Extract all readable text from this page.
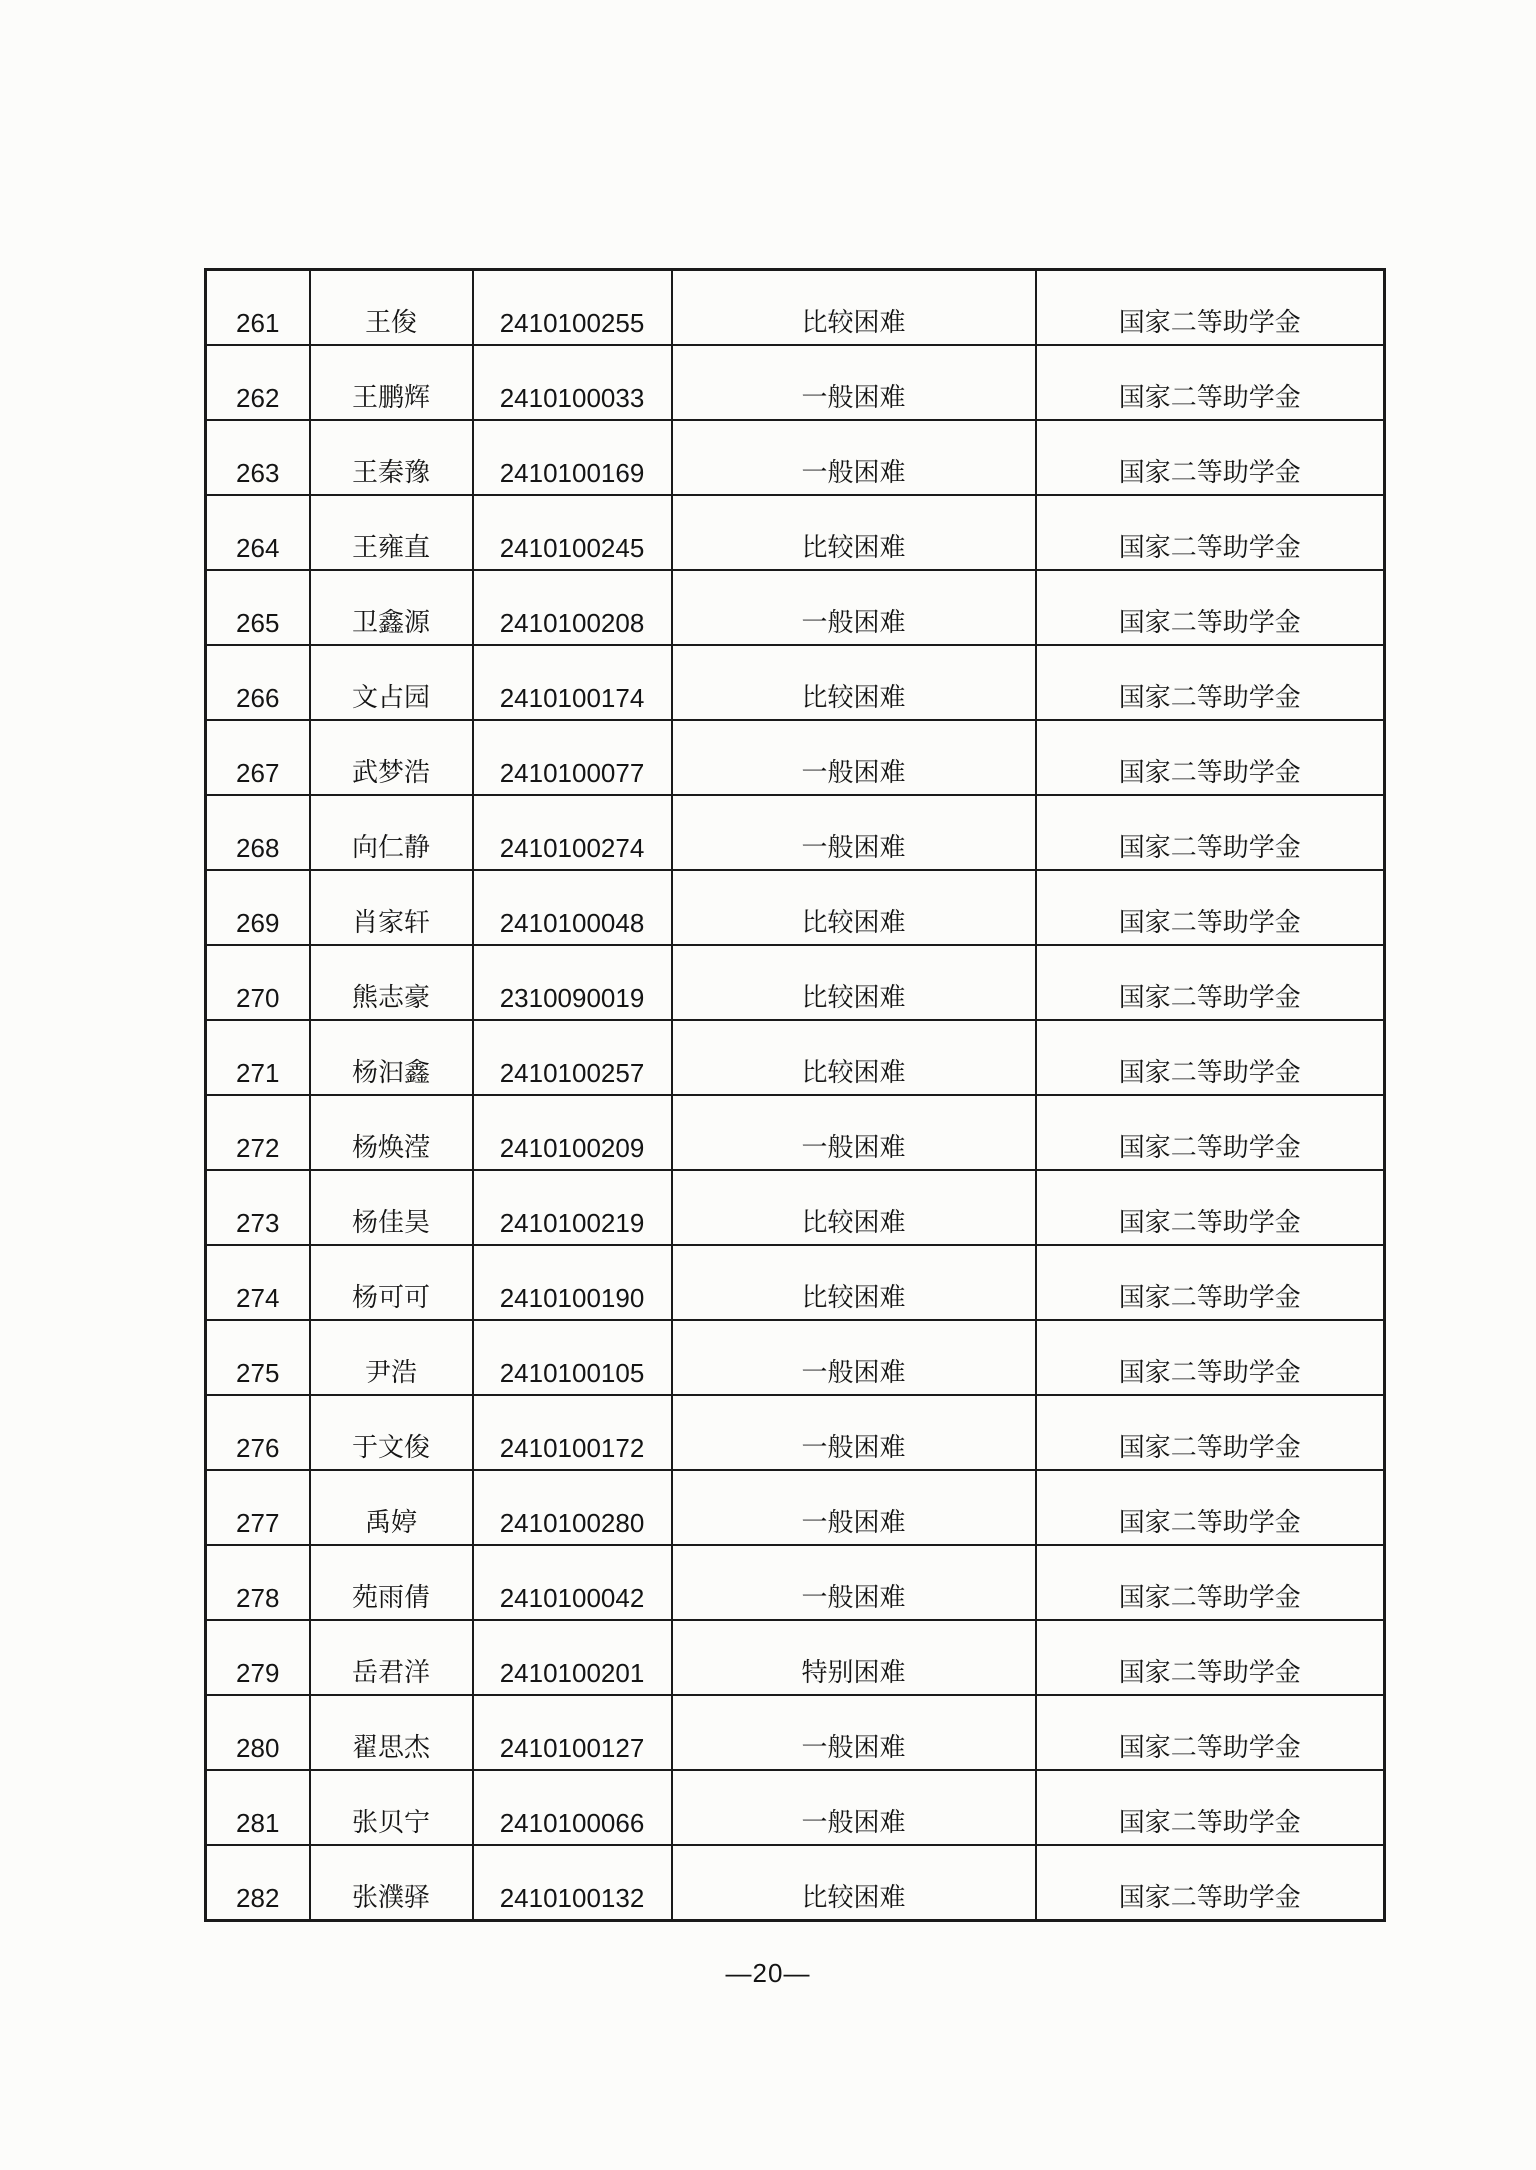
261	王俊	2410100255	比较困难	国家二等助学金
262	王鹏辉	2410100033	一般困难	国家二等助学金
263	王秦豫	2410100169	一般困难	国家二等助学金
264	王雍直	2410100245	比较困难	国家二等助学金
265	卫鑫源	2410100208	一般困难	国家二等助学金
266	文占园	2410100174	比较困难	国家二等助学金
267	武梦浩	2410100077	一般困难	国家二等助学金
268	向仁静	2410100274	一般困难	国家二等助学金
269	肖家轩	2410100048	比较困难	国家二等助学金
270	熊志豪	2310090019	比较困难	国家二等助学金
271	杨汩鑫	2410100257	比较困难	国家二等助学金
272	杨焕滢	2410100209	一般困难	国家二等助学金
273	杨佳昊	2410100219	比较困难	国家二等助学金
274	杨可可	2410100190	比较困难	国家二等助学金
275	尹浩	2410100105	一般困难	国家二等助学金
276	于文俊	2410100172	一般困难	国家二等助学金
277	禹婷	2410100280	一般困难	国家二等助学金
278	苑雨倩	2410100042	一般困难	国家二等助学金
279	岳君洋	2410100201	特别困难	国家二等助学金
280	翟思杰	2410100127	一般困难	国家二等助学金
281	张贝宁	2410100066	一般困难	国家二等助学金
282	张濮驿	2410100132	比较困难	国家二等助学金
—20—
